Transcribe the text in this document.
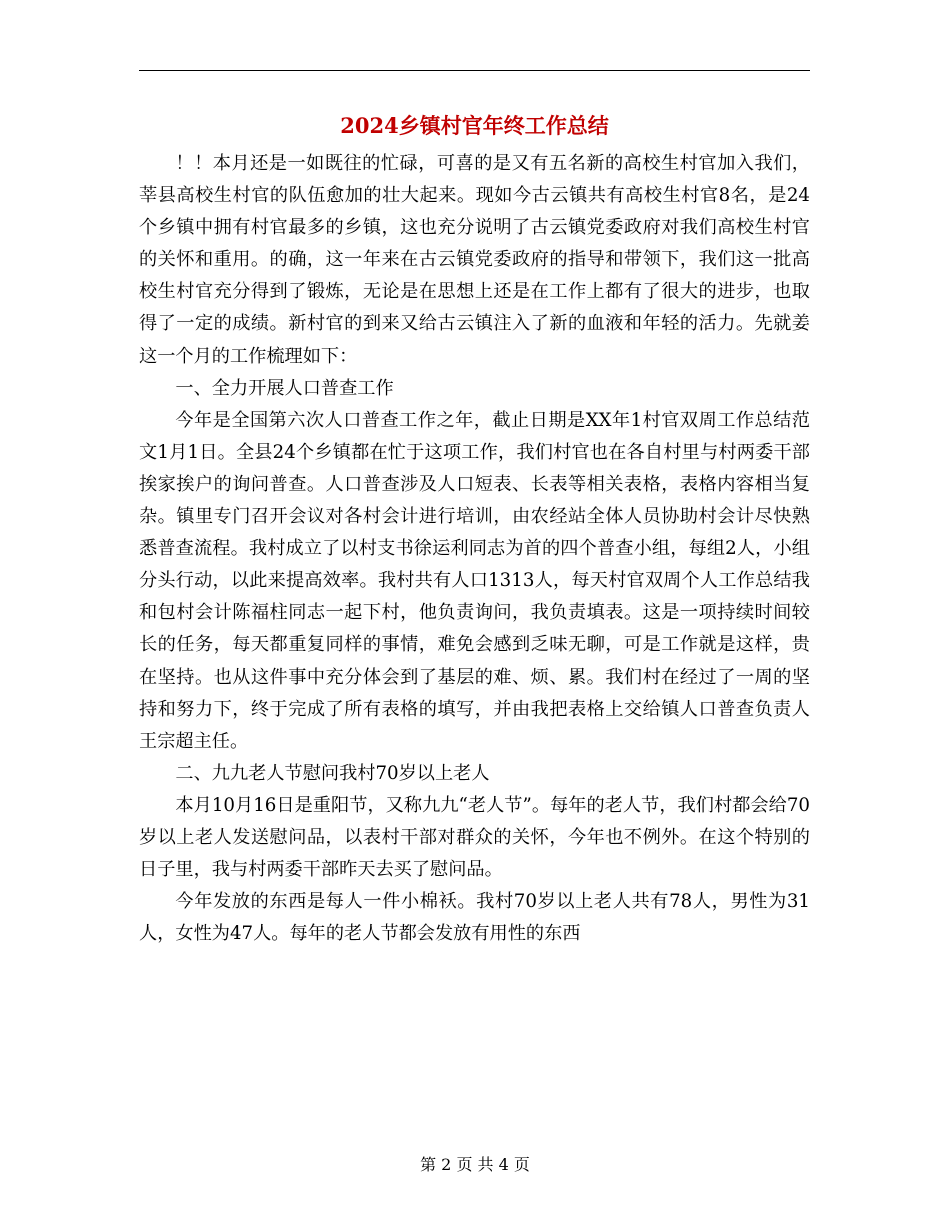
2024乡镇村官年终工作总结

！！本月还是一如既往的忙碌，可喜的是又有五名新的高校生村官加入我们，莘县高校生村官的队伍愈加的壮大起来。现如今古云镇共有高校生村官8名，是24个乡镇中拥有村官最多的乡镇，这也充分说明了古云镇党委政府对我们高校生村官的关怀和重用。的确，这一年来在古云镇党委政府的指导和带领下，我们这一批高校生村官充分得到了锻炼，无论是在思想上还是在工作上都有了很大的进步，也取得了一定的成绩。新村官的到来又给古云镇注入了新的血液和年轻的活力。先就姜这一个月的工作梳理如下：

一、全力开展人口普查工作

今年是全国第六次人口普查工作之年，截止日期是XX年1村官双周工作总结范文1月1日。全县24个乡镇都在忙于这项工作，我们村官也在各自村里与村两委干部挨家挨户的询问普查。人口普查涉及人口短表、长表等相关表格，表格内容相当复杂。镇里专门召开会议对各村会计进行培训，由农经站全体人员协助村会计尽快熟悉普查流程。我村成立了以村支书徐运利同志为首的四个普查小组，每组2人，小组分头行动，以此来提高效率。我村共有人口1313人，每天村官双周个人工作总结我和包村会计陈福柱同志一起下村，他负责询问，我负责填表。这是一项持续时间较长的任务，每天都重复同样的事情，难免会感到乏味无聊，可是工作就是这样，贵在坚持。也从这件事中充分体会到了基层的难、烦、累。我们村在经过了一周的坚持和努力下，终于完成了所有表格的填写，并由我把表格上交给镇人口普查负责人王宗超主任。

二、九九老人节慰问我村70岁以上老人

本月10月16日是重阳节，又称九九“老人节”。每年的老人节，我们村都会给70岁以上老人发送慰问品，以表村干部对群众的关怀，今年也不例外。在这个特别的日子里，我与村两委干部昨天去买了慰问品。

今年发放的东西是每人一件小棉袄。我村70岁以上老人共有78人，男性为31人，女性为47人。每年的老人节都会发放有用性的东西

第 2 页 共 4 页
